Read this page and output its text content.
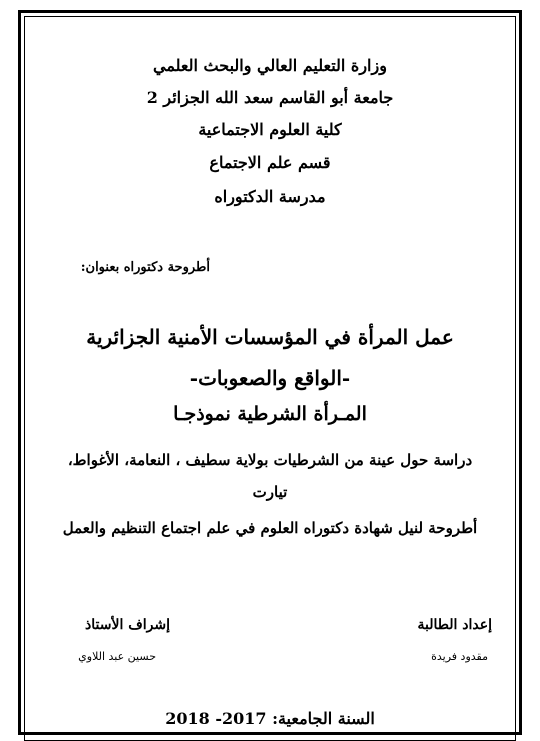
وزارة التعليم العالي والبحث العلمي
جامعة أبو القاسم سعد الله الجزائر 2
كلية العلوم الاجتماعية
قسم علم الاجتماع
مدرسة الدكتوراه
أطروحة دكتوراه بعنوان:
عمل المرأة في المؤسسات الأمنية الجزائرية
-الواقع والصعوبات-
المـرأة الشرطية نموذجـا
دراسة حول عينة من الشرطيات بولاية سطيف ، النعامة، الأغواط،
تيارت
أطروحة لنيل شهادة دكتوراه العلوم في علم اجتماع التنظيم والعمل
إعداد الطالبة
إشراف الأستاذ
مقدود فريدة
حسين عبد اللاوي
السنة الجامعية: 2017- 2018
